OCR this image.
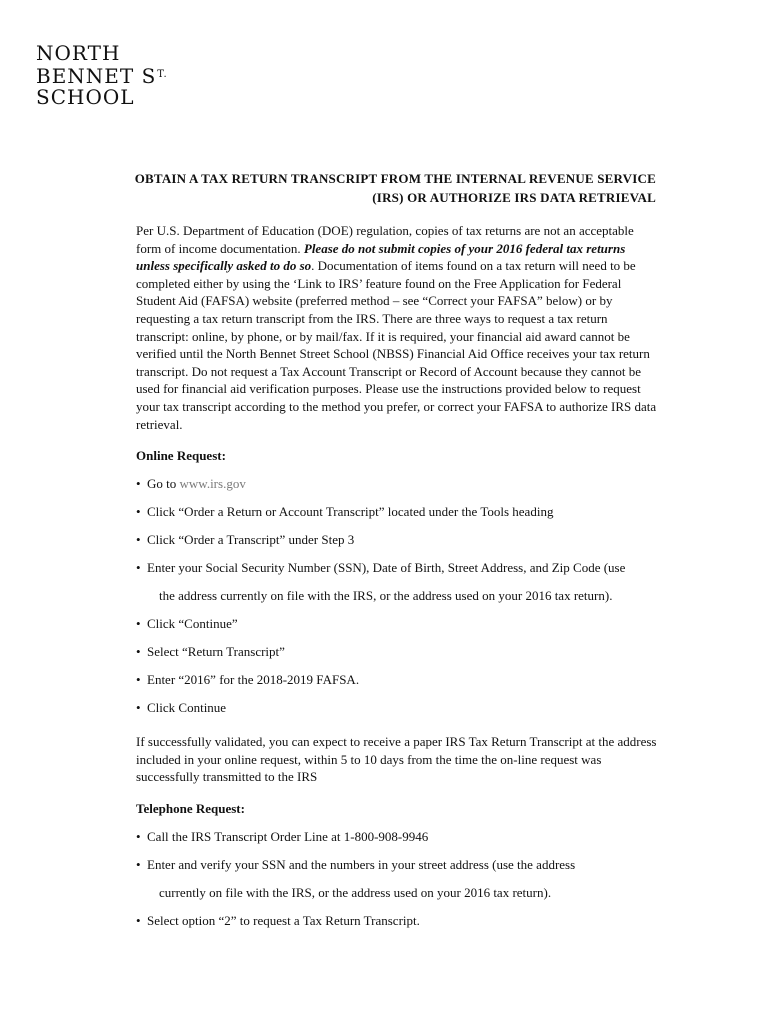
NORTH
BENNET $S^{T.}$
SCHOOL
OBTAIN A TAX RETURN TRANSCRIPT FROM THE INTERNAL REVENUE SERVICE
(IRS) OR AUTHORIZE IRS DATA RETRIEVAL

Per U.S. Department of Education (DOE) regulation, copies of tax returns are not an acceptable form of income documentation. Please do not submit copies of your 2016 federal tax returns unless specifically asked to do so. Documentation of items found on a tax return will need to be completed either by using the ‘Link to IRS’ feature found on the Free Application for Federal Student Aid (FAFSA) website (preferred method – see “Correct your FAFSA” below) or by requesting a tax return transcript from the IRS. There are three ways to request a tax return transcript: online, by phone, or by mail/fax. If it is required, your financial aid award cannot be verified until the North Bennet Street School (NBSS) Financial Aid Office receives your tax return transcript. Do not request a Tax Account Transcript or Record of Account because they cannot be used for financial aid verification purposes. Please use the instructions provided below to request your tax transcript according to the method you prefer, or correct your FAFSA to authorize IRS data retrieval.

Online Request:
• Go to www.irs.gov
• Click “Order a Return or Account Transcript” located under the Tools heading
• Click “Order a Transcript” under Step 3
• Enter your Social Security Number (SSN), Date of Birth, Street Address, and Zip Code (use
the address currently on file with the IRS, or the address used on your 2016 tax return).
• Click “Continue”
• Select “Return Transcript”
• Enter “2016” for the 2018-2019 FAFSA.
• Click Continue

If successfully validated, you can expect to receive a paper IRS Tax Return Transcript at the address included in your online request, within 5 to 10 days from the time the on-line request was successfully transmitted to the IRS

Telephone Request:
• Call the IRS Transcript Order Line at 1-800-908-9946
• Enter and verify your SSN and the numbers in your street address (use the address
currently on file with the IRS, or the address used on your 2016 tax return).
• Select option “2” to request a Tax Return Transcript.
